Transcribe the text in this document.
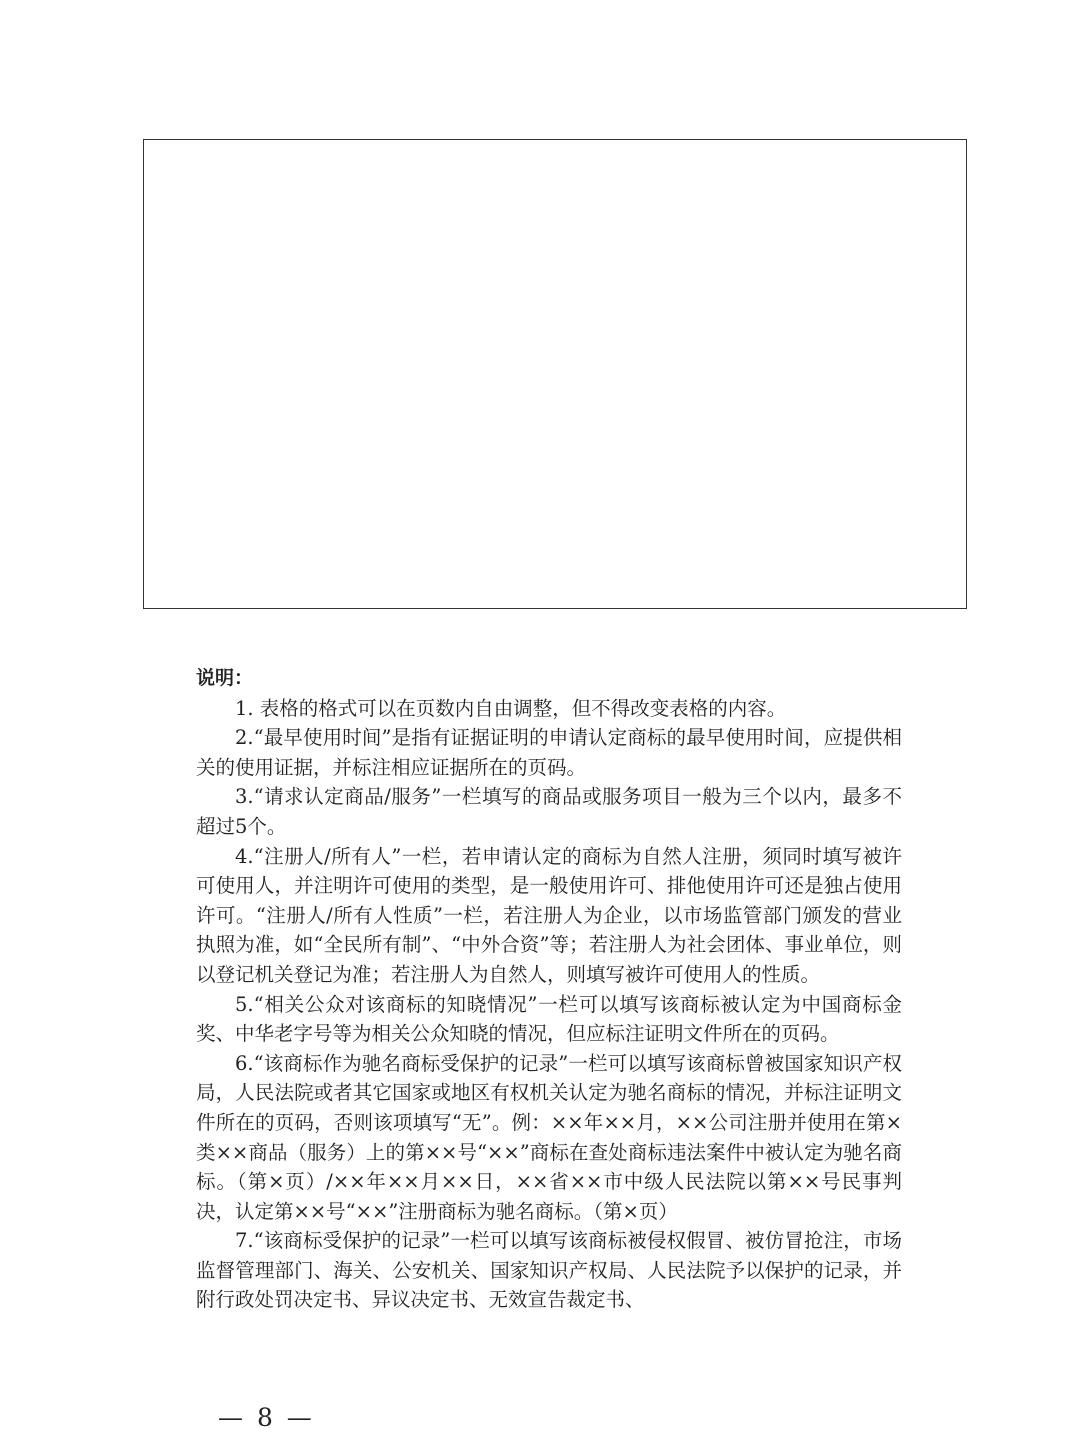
说明：

1. 表格的格式可以在页数内自由调整，但不得改变表格的内容。

2.“最早使用时间”是指有证据证明的申请认定商标的最早使用时间，应提供相关的使用证据，并标注相应证据所在的页码。

3.“请求认定商品/服务”一栏填写的商品或服务项目一般为三个以内，最多不超过5个。

4.“注册人/所有人”一栏，若申请认定的商标为自然人注册，须同时填写被许可使用人，并注明许可使用的类型，是一般使用许可、排他使用许可还是独占使用许可。“注册人/所有人性质”一栏，若注册人为企业，以市场监管部门颁发的营业执照为准，如“全民所有制”、“中外合资”等；若注册人为社会团体、事业单位，则以登记机关登记为准；若注册人为自然人，则填写被许可使用人的性质。

5.“相关公众对该商标的知晓情况”一栏可以填写该商标被认定为中国商标金奖、中华老字号等为相关公众知晓的情况，但应标注证明文件所在的页码。

6.“该商标作为驰名商标受保护的记录”一栏可以填写该商标曾被国家知识产权局，人民法院或者其它国家或地区有权机关认定为驰名商标的情况，并标注证明文件所在的页码，否则该项填写“无”。例：××年××月，××公司注册并使用在第×类××商品（服务）上的第××号“××”商标在查处商标违法案件中被认定为驰名商标。（第×页）/××年××月××日，××省××市中级人民法院以第××号民事判决，认定第××号“××”注册商标为驰名商标。（第×页）

7.“该商标受保护的记录”一栏可以填写该商标被侵权假冒、被仿冒抢注，市场监督管理部门、海关、公安机关、国家知识产权局、人民法院予以保护的记录，并附行政处罚决定书、异议决定书、无效宣告裁定书、

— 8 —
